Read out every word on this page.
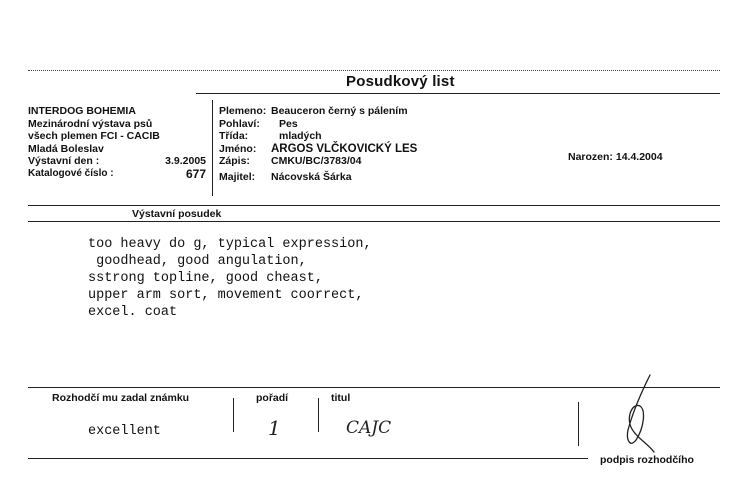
Posudkový list
INTERDOG BOHEMIA
Mezinárodní výstava psů
všech plemen FCI - CACIB
Mladá Boleslav
Výstavní den :	3.9.2005
Katalogové číslo :	677
Plemeno: Beauceron černý s pálením
Pohlaví:	Pes
Třída:	mladých
Jméno:	ARGOS VLČKOVICKÝ LES
Zápis:	CMKU/BC/3783/04
Majitel:	Nácovská Šárka
Narozen: 14.4.2004
Výstavní posudek
too heavy do g, typical expression,
goodhead, good angulation,
sstrong topline, good cheast,
upper arm sort, movement coorrect,
excel. coat
Rozhodčí mu zadal známku
excellent
pořadí
1
titul
CAJC
podpis rozhodčího
